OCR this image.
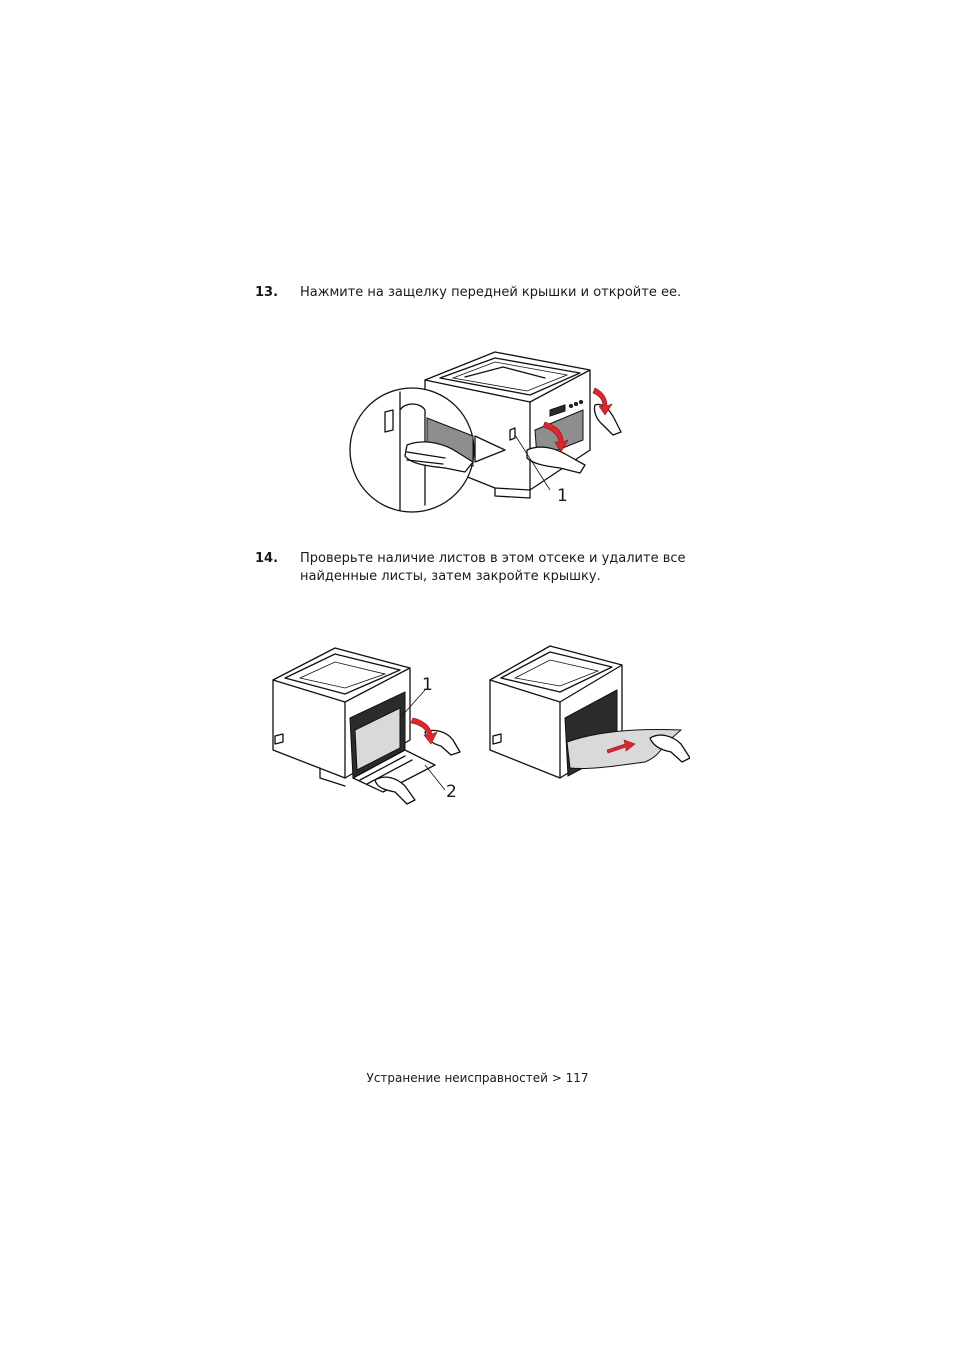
13. Нажмите на защелку передней крышки и откройте ее.
1
14. Проверьте наличие листов в этом отсеке и удалите все
найденные листы, затем закройте крышку.
1
2
Устранение неисправностей > 117
